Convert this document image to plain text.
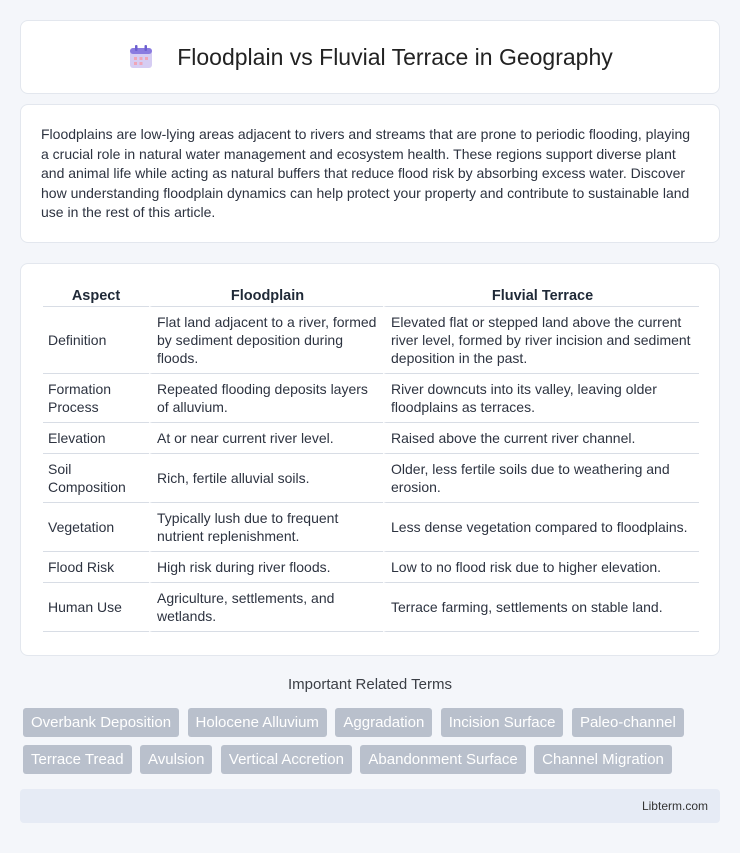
Floodplain vs Fluvial Terrace in Geography

Floodplains are low-lying areas adjacent to rivers and streams that are prone to periodic flooding, playing a crucial role in natural water management and ecosystem health. These regions support diverse plant and animal life while acting as natural buffers that reduce flood risk by absorbing excess water. Discover how understanding floodplain dynamics can help protect your property and contribute to sustainable land use in the rest of this article.

Aspect	Floodplain	Fluvial Terrace
Definition	Flat land adjacent to a river, formed by sediment deposition during floods.	Elevated flat or stepped land above the current river level, formed by river incision and sediment deposition in the past.
Formation Process	Repeated flooding deposits layers of alluvium.	River downcuts into its valley, leaving older floodplains as terraces.
Elevation	At or near current river level.	Raised above the current river channel.
Soil Composition	Rich, fertile alluvial soils.	Older, less fertile soils due to weathering and erosion.
Vegetation	Typically lush due to frequent nutrient replenishment.	Less dense vegetation compared to floodplains.
Flood Risk	High risk during river floods.	Low to no flood risk due to higher elevation.
Human Use	Agriculture, settlements, and wetlands.	Terrace farming, settlements on stable land.
Important Related Terms
Overbank Deposition Holocene Alluvium Aggradation Incision Surface Paleo-channel Terrace Tread Avulsion Vertical Accretion Abandonment Surface Channel Migration
Libterm.com
